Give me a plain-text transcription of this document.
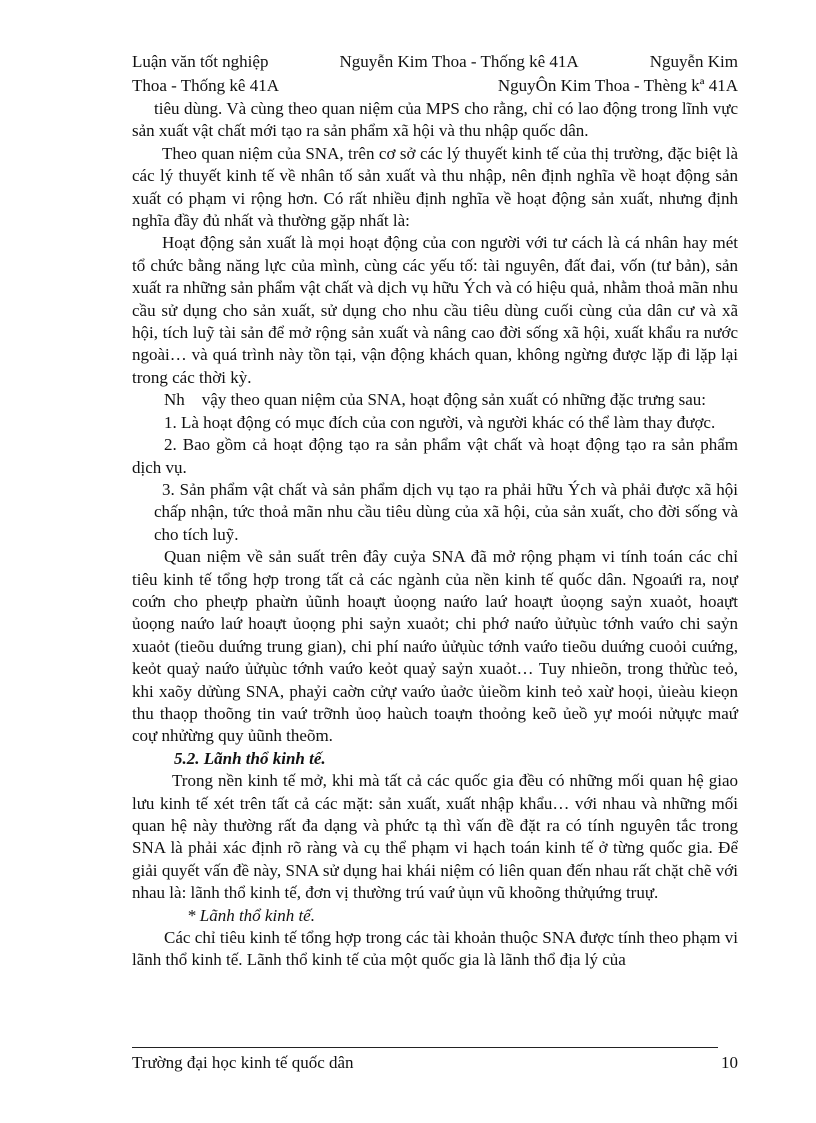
Luận văn tốt nghiệp	Nguyễn Kim Thoa - Thống kê 41A	Nguyễn Kim
Thoa - Thống kê 41A	NguyÔn Kim Thoa - Thèng kª 41A

tiêu dùng. Và cùng theo quan niệm của MPS cho rằng, chỉ có lao động trong lĩnh vực sản xuất vật chất mới tạo ra sản phẩm xã hội và thu nhập quốc dân.

Theo quan niệm của SNA, trên cơ sở các lý thuyết kinh tế của thị trường, đặc biệt là các lý thuyết kinh tế về nhân tố sản xuất và thu nhập, nên định nghĩa về hoạt động sản xuất có phạm vi rộng hơn. Có rất nhiều định nghĩa về hoạt động sản xuất, nhưng định nghĩa đầy đủ nhất và thường gặp nhất là:

Hoạt động sản xuất là mọi hoạt động của con người với tư cách là cá nhân hay mét tổ chức bằng năng lực của mình, cùng các yếu tố: tài nguyên, đất đai, vốn (tư bản), sản xuất ra những sản phẩm vật chất và dịch vụ hữu Ých và có hiệu quả, nhằm thoả mãn nhu cầu sử dụng cho sản xuất, sử dụng cho nhu cầu tiêu dùng cuối cùng của dân cư và xã hội, tích luỹ tài sản để mở rộng sản xuất và nâng cao đời sống xã hội, xuất khẩu ra nước ngoài… và quá trình này tồn tại, vận động khách quan, không ngừng được lặp đi lặp lại trong các thời kỳ.

Nh    vậy theo quan niệm của SNA, hoạt động sản xuất có những đặc trưng sau:

1. Là hoạt động có mục đích của con người, và người khác có thể làm thay được.

2. Bao gồm cả hoạt động tạo ra sản phẩm vật chất và hoạt động tạo ra sản phẩm dịch vụ.

3. Sản phẩm vật chất và sản phẩm dịch vụ tạo ra phải hữu Ých và phải được xã hội chấp nhận, tức thoả mãn nhu cầu tiêu dùng của xã hội, của sản xuất, cho đời sống và cho tích luỹ.

Quan niệm về sản suất trên đây cuỷa SNA đã mở rộng phạm vi tính toán các chỉ tiêu kinh tế tổng hợp trong tất cả các ngành của nền kinh tế quốc dân. Ngoaứi ra, noự coứn cho pheựp phaừn ủũnh hoaựt ủoọng naứo laứ hoaựt ủoọng saỷn xuaỏt, hoaựt ủoọng naứo laứ hoaựt ủoọng phi saỷn xuaỏt; chi phớ naứo ủửụùc tớnh vaứo chi saỷn xuaỏt (tieõu duứng trung gian), chi phí naứo ủửụùc tớnh vaứo tieõu duứng cuoỏi cuứng, keỏt quaỷ naứo ủửụùc tớnh vaứo keỏt quaỷ saỷn xuaỏt… Tuy nhieõn, trong thửùc teỏ, khi xaõy dửùng SNA, phaỷi caờn cửự vaứo ủaởc ủieồm kinh teỏ xaừ hoọi, ủieàu kieọn thu thaọp thoõng tin vaứ trỡnh ủoọ haùch toaựn thoỏng keõ ủeồ yự moói nửụực maứ coự nhửừng quy ủũnh theõm.

5.2. Lãnh thổ kinh tế.

Trong nền kinh tế mở, khi mà tất cả các quốc gia đều có những mối quan hệ giao lưu kinh tế xét trên tất cả các mặt: sản xuất, xuất nhập khẩu… với nhau và những mối quan hệ này thường rất đa dạng và phức tạ thì vấn đề đặt ra có tính nguyên tắc trong SNA là phải xác định rõ ràng và cụ thể phạm vi hạch toán kinh tế ở từng quốc gia. Để giải quyết vấn đề này, SNA sử dụng hai khái niệm có liên quan đến nhau rất chặt chẽ với nhau là: lãnh thổ kinh tế, đơn vị thường trú vaứ ủụn vũ khoõng thửụứng truự.

* Lãnh thổ kinh tế.

Các chỉ tiêu kinh tế tổng hợp trong các tài khoản thuộc SNA được tính theo phạm vi lãnh thổ kinh tế. Lãnh thổ kinh tế của một quốc gia là lãnh thổ địa lý của

Trường đại học kinh tế quốc dân	10
